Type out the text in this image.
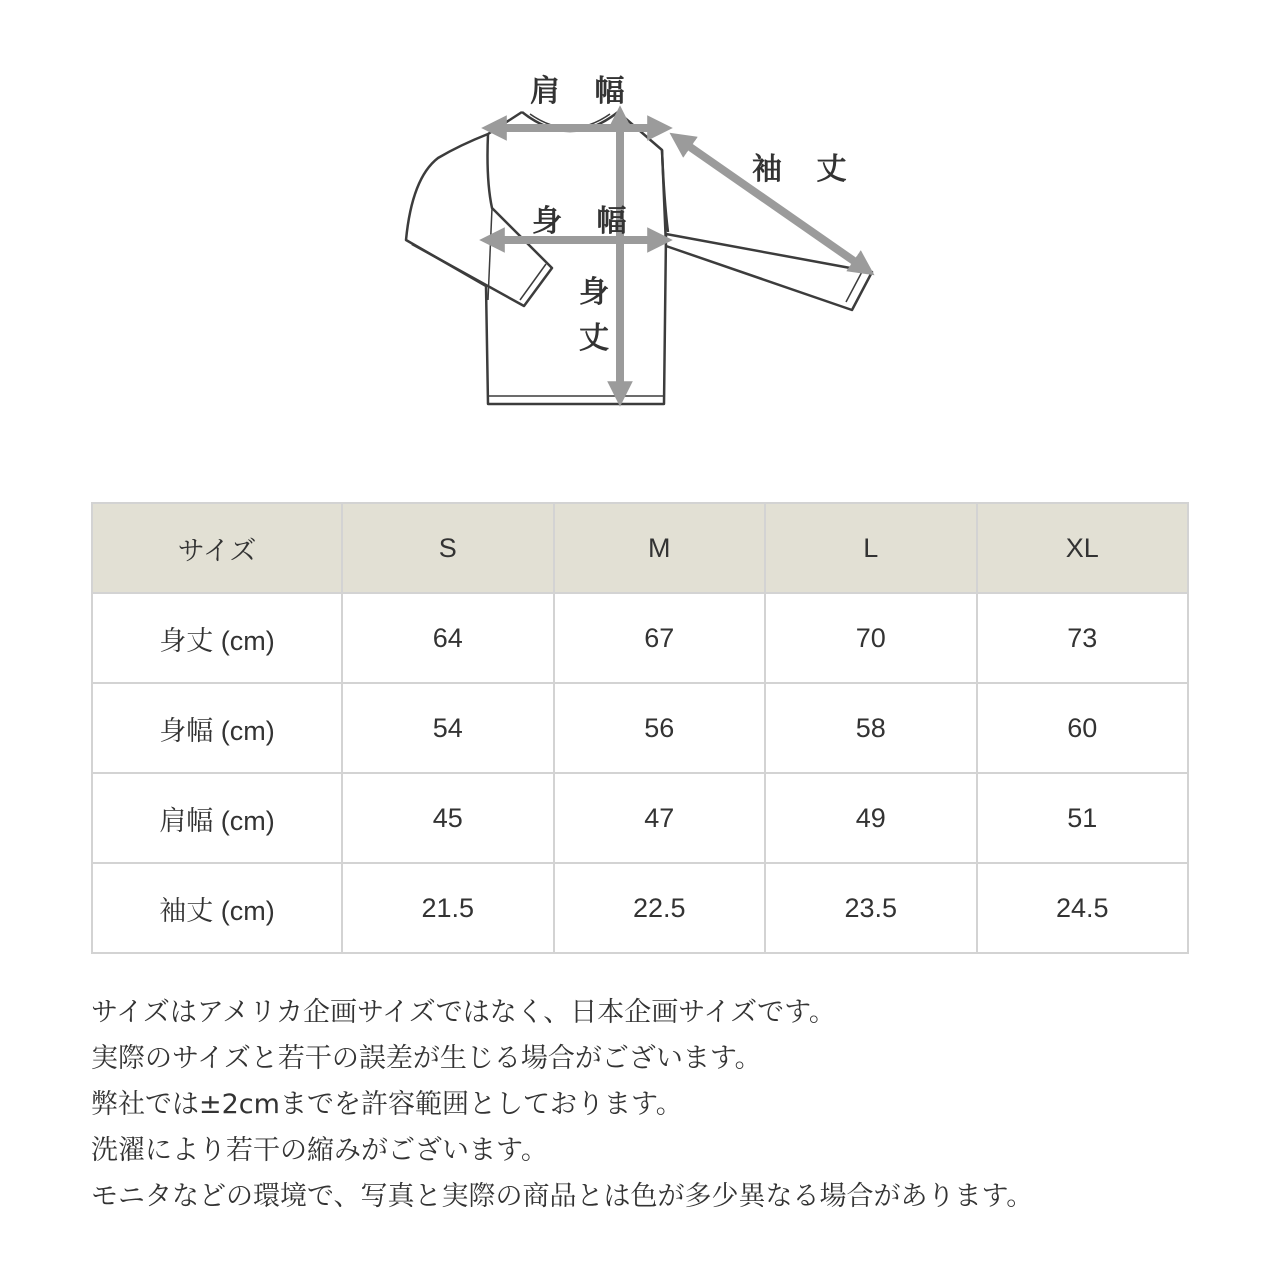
肩 幅
袖 丈
身 幅
身丈
サイズ	S	M	L	XL
身丈 (cm)	64	67	70	73
身幅 (cm)	54	56	58	60
肩幅 (cm)	45	47	49	51
袖丈 (cm)	21.5	22.5	23.5	24.5

サイズはアメリカ企画サイズではなく、日本企画サイズです。

実際のサイズと若干の誤差が生じる場合がございます。

弊社では±2cmまでを許容範囲としております。

洗濯により若干の縮みがございます。

モニタなどの環境で、写真と実際の商品とは色が多少異なる場合があります。
